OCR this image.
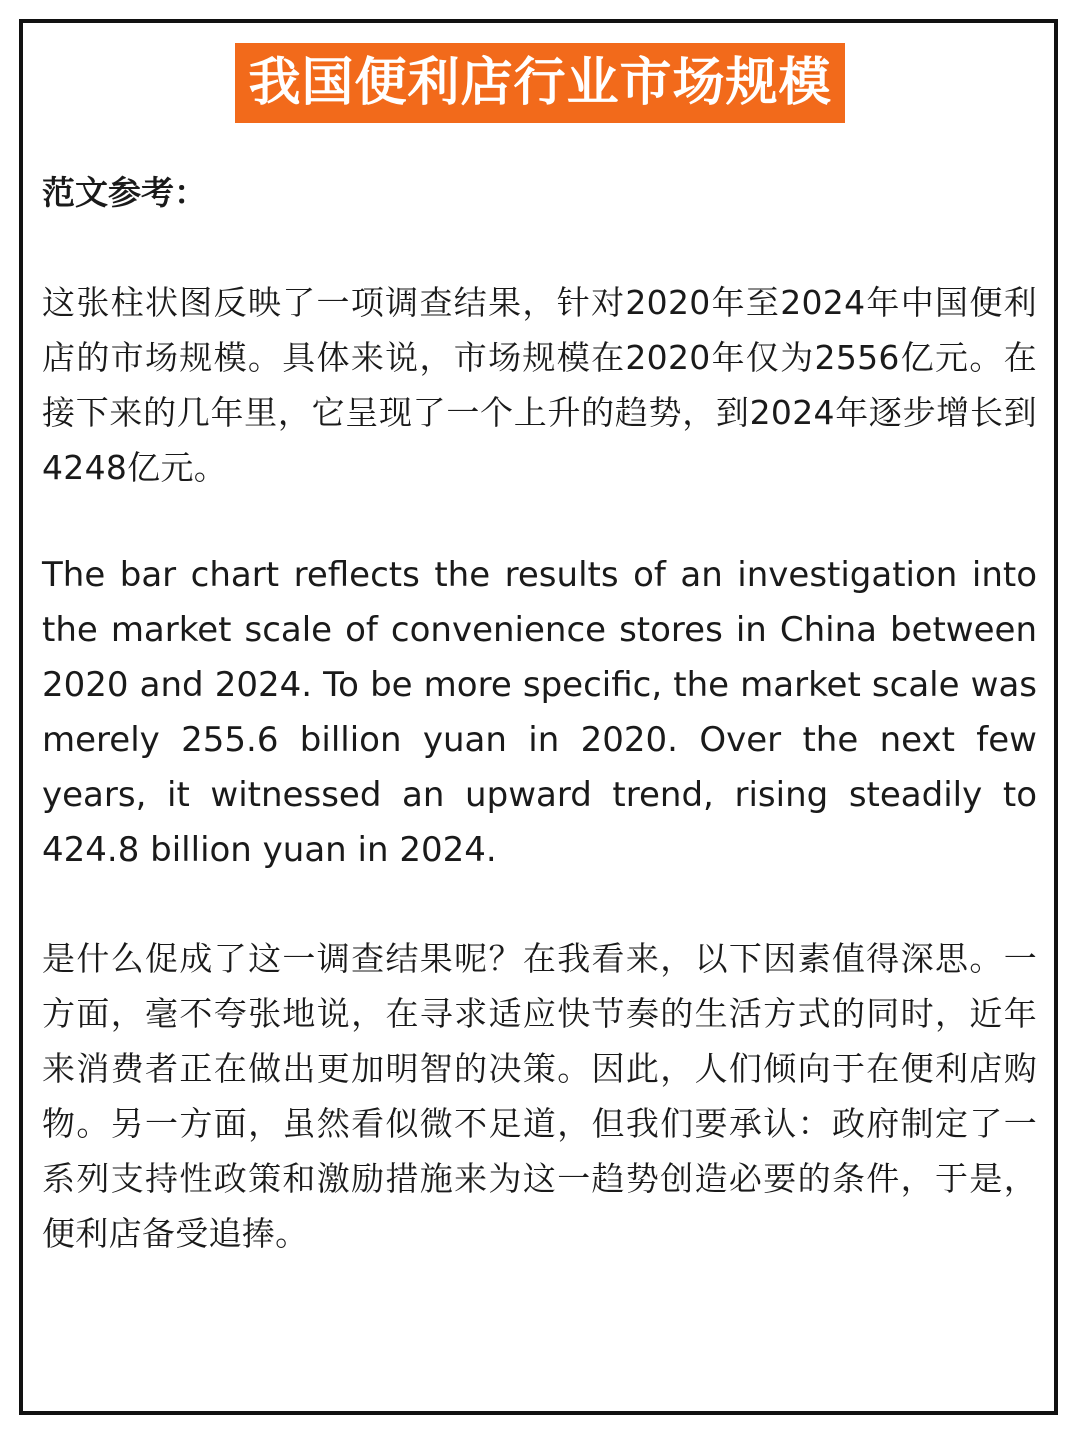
我国便利店行业市场规模
范文参考：

这张柱状图反映了一项调查结果，针对2020年至2024年中国便利店的市场规模。具体来说，市场规模在2020年仅为2556亿元。在接下来的几年里，它呈现了一个上升的趋势，到2024年逐步增长到4248亿元。

The bar chart reflects the results of an investigation into the market scale of convenience stores in China between 2020 and 2024. To be more specific, the market scale was merely 255.6 billion yuan in 2020. Over the next few years, it witnessed an upward trend, rising steadily to 424.8 billion yuan in 2024.

是什么促成了这一调查结果呢？在我看来，以下因素值得深思。一方面，毫不夸张地说，在寻求适应快节奏的生活方式的同时，近年来消费者正在做出更加明智的决策。因此，人们倾向于在便利店购物。另一方面，虽然看似微不足道，但我们要承认：政府制定了一系列支持性政策和激励措施来为这一趋势创造必要的条件，于是，便利店备受追捧。
